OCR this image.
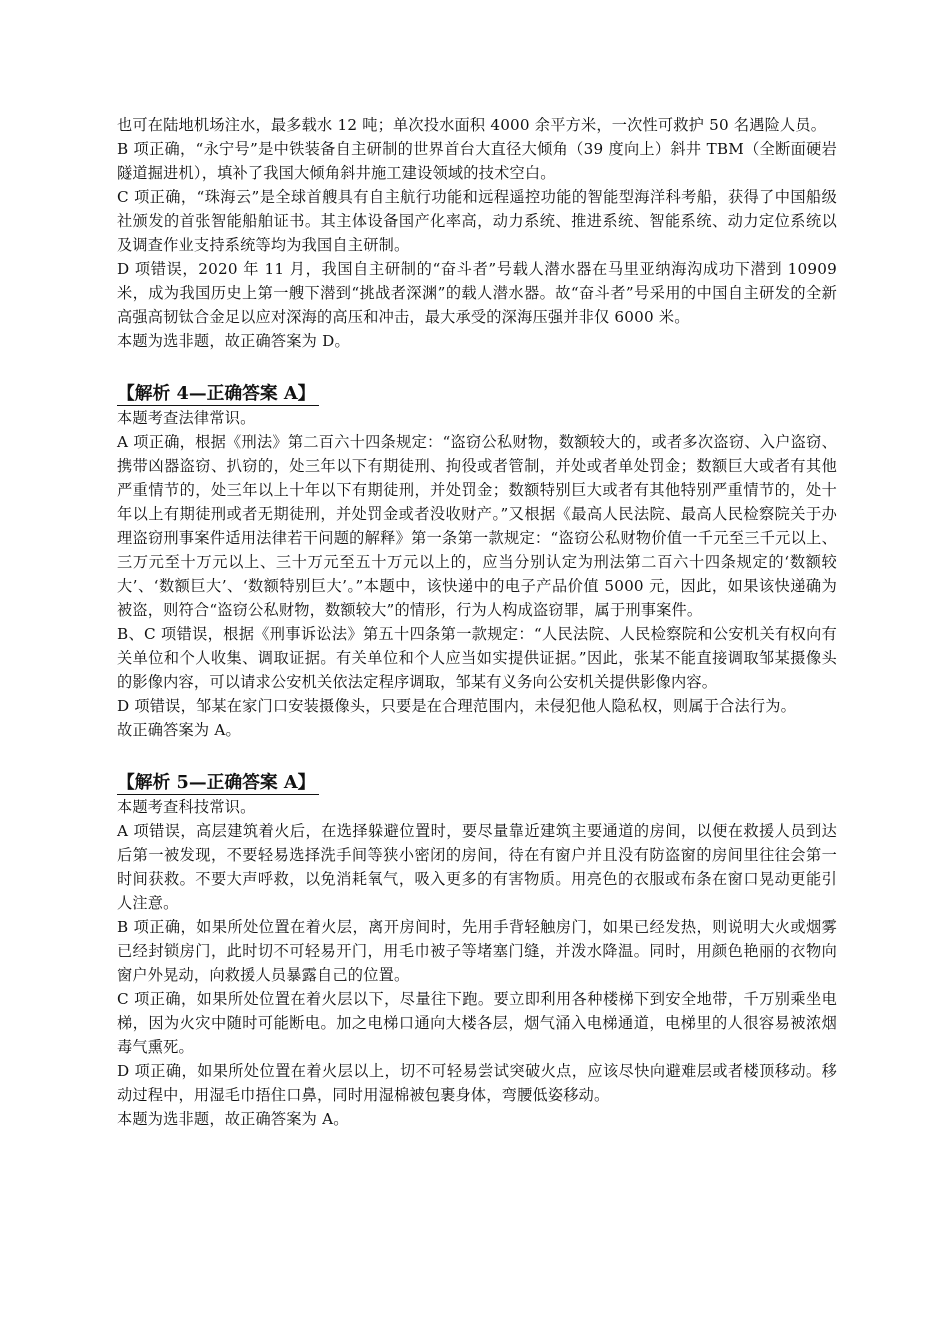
也可在陆地机场注水，最多载水 12 吨；单次投水面积 4000 余平方米，一次性可救护 50 名遇险人员。

B 项正确，“永宁号”是中铁装备自主研制的世界首台大直径大倾角（39 度向上）斜井 TBM（全断面硬岩隧道掘进机），填补了我国大倾角斜井施工建设领域的技术空白。

C 项正确，“珠海云”是全球首艘具有自主航行功能和远程遥控功能的智能型海洋科考船，获得了中国船级社颁发的首张智能船舶证书。其主体设备国产化率高，动力系统、推进系统、智能系统、动力定位系统以及调查作业支持系统等均为我国自主研制。

D 项错误，2020 年 11 月，我国自主研制的“奋斗者”号载人潜水器在马里亚纳海沟成功下潜到 10909 米，成为我国历史上第一艘下潜到“挑战者深渊”的载人潜水器。故“奋斗者”号采用的中国自主研发的全新高强高韧钛合金足以应对深海的高压和冲击，最大承受的深海压强并非仅 6000 米。

本题为选非题，故正确答案为 D。

【解析 4—正确答案 A】

本题考查法律常识。

A 项正确，根据《刑法》第二百六十四条规定：“盗窃公私财物，数额较大的，或者多次盗窃、入户盗窃、携带凶器盗窃、扒窃的，处三年以下有期徒刑、拘役或者管制，并处或者单处罚金；数额巨大或者有其他严重情节的，处三年以上十年以下有期徒刑，并处罚金；数额特别巨大或者有其他特别严重情节的，处十年以上有期徒刑或者无期徒刑，并处罚金或者没收财产。”又根据《最高人民法院、最高人民检察院关于办理盗窃刑事案件适用法律若干问题的解释》第一条第一款规定：“盗窃公私财物价值一千元至三千元以上、三万元至十万元以上、三十万元至五十万元以上的，应当分别认定为刑法第二百六十四条规定的‘数额较大’、‘数额巨大’、‘数额特别巨大’。”本题中，该快递中的电子产品价值 5000 元，因此，如果该快递确为被盗，则符合“盗窃公私财物，数额较大”的情形，行为人构成盗窃罪，属于刑事案件。

B、C 项错误，根据《刑事诉讼法》第五十四条第一款规定：“人民法院、人民检察院和公安机关有权向有关单位和个人收集、调取证据。有关单位和个人应当如实提供证据。”因此，张某不能直接调取邹某摄像头的影像内容，可以请求公安机关依法定程序调取，邹某有义务向公安机关提供影像内容。

D 项错误，邹某在家门口安装摄像头，只要是在合理范围内，未侵犯他人隐私权，则属于合法行为。

故正确答案为 A。

【解析 5—正确答案 A】

本题考查科技常识。

A 项错误，高层建筑着火后，在选择躲避位置时，要尽量靠近建筑主要通道的房间，以便在救援人员到达后第一被发现，不要轻易选择洗手间等狭小密闭的房间，待在有窗户并且没有防盗窗的房间里往往会第一时间获救。不要大声呼救，以免消耗氧气，吸入更多的有害物质。用亮色的衣服或布条在窗口晃动更能引人注意。

B 项正确，如果所处位置在着火层，离开房间时，先用手背轻触房门，如果已经发热，则说明大火或烟雾已经封锁房门，此时切不可轻易开门，用毛巾被子等堵塞门缝，并泼水降温。同时，用颜色艳丽的衣物向窗户外晃动，向救援人员暴露自己的位置。

C 项正确，如果所处位置在着火层以下，尽量往下跑。要立即利用各种楼梯下到安全地带，千万别乘坐电梯，因为火灾中随时可能断电。加之电梯口通向大楼各层，烟气涌入电梯通道，电梯里的人很容易被浓烟毒气熏死。

D 项正确，如果所处位置在着火层以上，切不可轻易尝试突破火点，应该尽快向避难层或者楼顶移动。移动过程中，用湿毛巾捂住口鼻，同时用湿棉被包裹身体，弯腰低姿移动。

本题为选非题，故正确答案为 A。
